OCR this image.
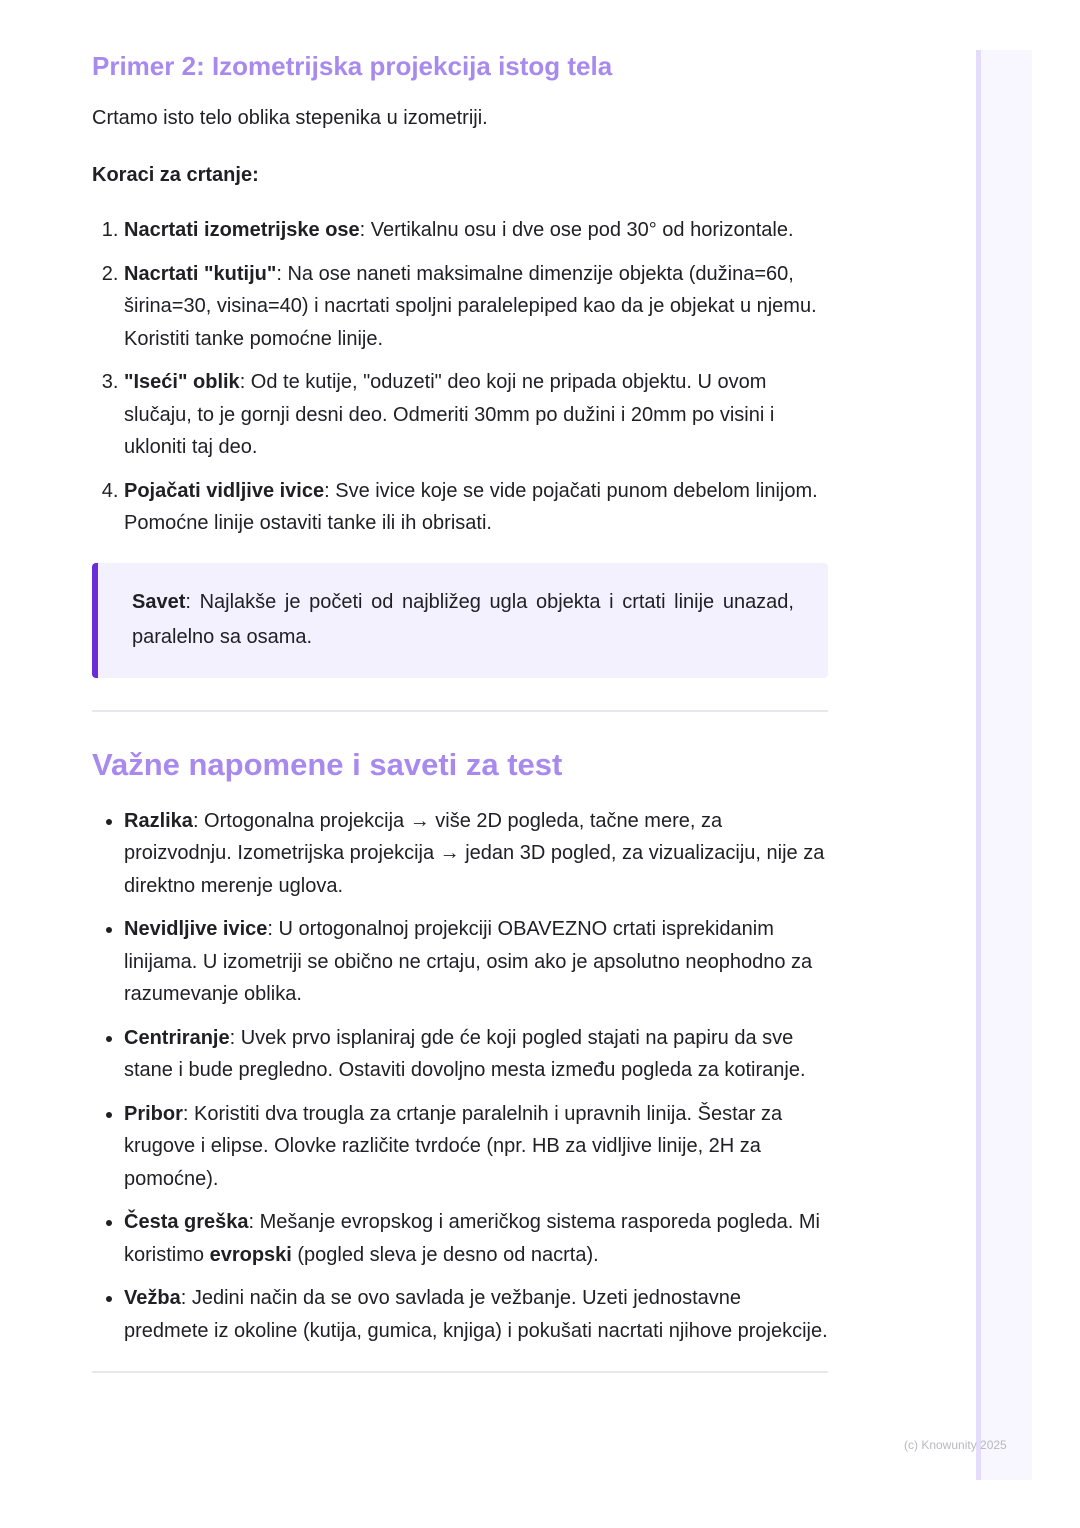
Primer 2: Izometrijska projekcija istog tela

Crtamo isto telo oblika stepenika u izometriji.

Koraci za crtanje:

1. Nacrtati izometrijske ose: Vertikalnu osu i dve ose pod 30° od horizontale.
2. Nacrtati "kutiju": Na ose naneti maksimalne dimenzije objekta (dužina=60, širina=30, visina=40) i nacrtati spoljni paralelepiped kao da je objekat u njemu. Koristiti tanke pomoćne linije.
3. "Iseći" oblik: Od te kutije, "oduzeti" deo koji ne pripada objektu. U ovom slučaju, to je gornji desni deo. Odmeriti 30mm po dužini i 20mm po visini i ukloniti taj deo.
4. Pojačati vidljive ivice: Sve ivice koje se vide pojačati punom debelom linijom. Pomoćne linije ostaviti tanke ili ih obrisati.
Savet: Najlakše je početi od najbližeg ugla objekta i crtati linije unazad, paralelno sa osama.
Važne napomene i saveti za test
• Razlika: Ortogonalna projekcija → više 2D pogleda, tačne mere, za proizvodnju. Izometrijska projekcija → jedan 3D pogled, za vizualizaciju, nije za direktno merenje uglova.
• Nevidljive ivice: U ortogonalnoj projekciji OBAVEZNO crtati isprekidanim linijama. U izometriji se obično ne crtaju, osim ako je apsolutno neophodno za razumevanje oblika.
• Centriranje: Uvek prvo isplaniraj gde će koji pogled stajati na papiru da sve stane i bude pregledno. Ostaviti dovoljno mesta između pogleda za kotiranje.
• Pribor: Koristiti dva trougla za crtanje paralelnih i upravnih linija. Šestar za krugove i elipse. Olovke različite tvrdoće (npr. HB za vidljive linije, 2H za pomoćne).
• Česta greška: Mešanje evropskog i američkog sistema rasporeda pogleda. Mi koristimo evropski (pogled sleva je desno od nacrta).
• Vežba: Jedini način da se ovo savlada je vežbanje. Uzeti jednostavne predmete iz okoline (kutija, gumica, knjiga) i pokušati nacrtati njihove projekcije.
(c) Knowunity 2025
